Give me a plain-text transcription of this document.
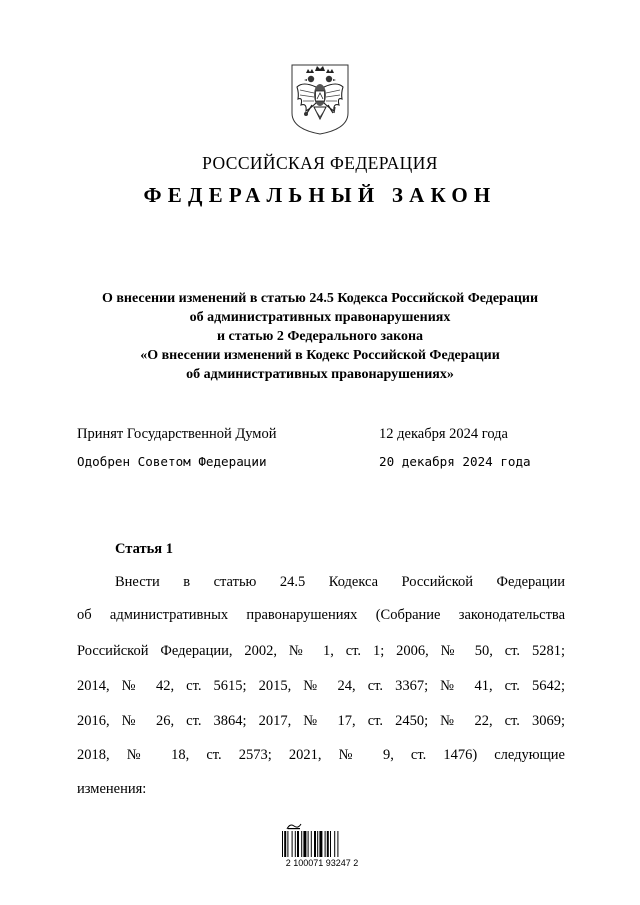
РОССИЙСКАЯ ФЕДЕРАЦИЯ
ФЕДЕРАЛЬНЫЙ ЗАКОН
О внесении изменений в статью 24.5 Кодекса Российской Федерации
об административных правонарушениях
и статью 2 Федерального закона
«О внесении изменений в Кодекс Российской Федерации
об административных правонарушениях»
Принят Государственной Думой	12 декабря 2024 года
Одобрен Советом Федерации	20 декабря 2024 года
Статья 1
Внести в статью 24.5 Кодекса Российской Федерации
об административных правонарушениях (Собрание законодательства
Российской Федерации, 2002, № 1, ст. 1; 2006, № 50, ст. 5281;
2014, № 42, ст. 5615; 2015, № 24, ст. 3367; № 41, ст. 5642;
2016, № 26, ст. 3864; 2017, № 17, ст. 2450; № 22, ст. 3069;
2018, № 18, ст. 2573; 2021, № 9, ст. 1476) следующие
изменения:
2 100071 93247 2
